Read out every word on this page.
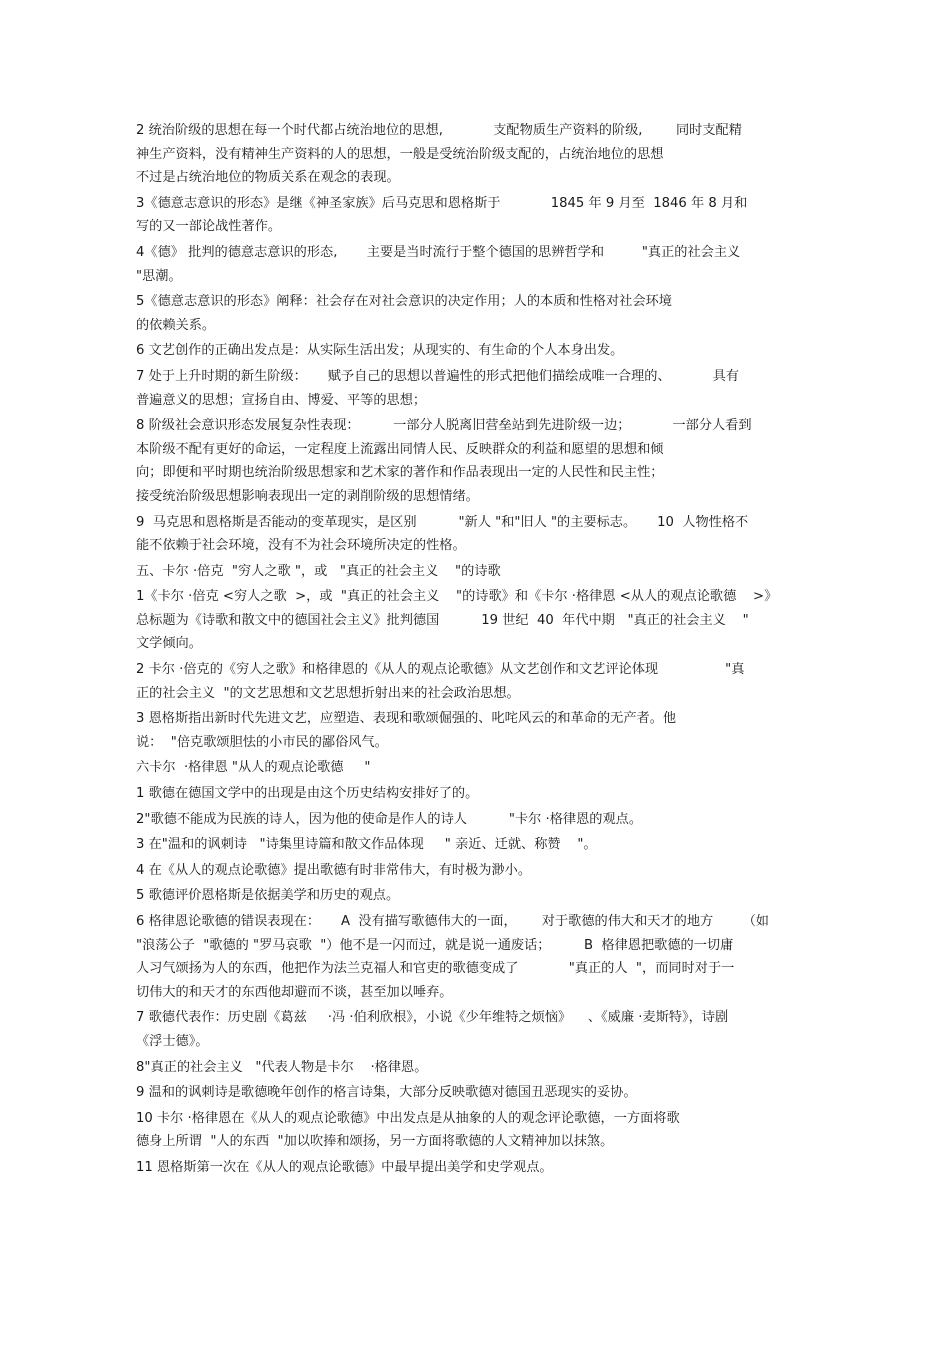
2 统治阶级的思想在每一个时代都占统治地位的思想,            支配物质生产资料的阶级,        同时支配精
神生产资料，没有精神生产资料的人的思想，一般是受统治阶级支配的，占统治地位的思想
不过是占统治地位的物质关系在观念的表现。
3《德意志意识的形态》是继《神圣家族》后马克思和恩格斯于            1845 年 9 月至  1846 年 8 月和
写的又一部论战性著作。
4《德》 批判的德意志意识的形态,       主要是当时流行于整个德国的思辨哲学和         "真正的社会主义
"思潮。
5《德意志意识的形态》阐释：社会存在对社会意识的决定作用；人的本质和性格对社会环境
的依赖关系。
6 文艺创作的正确出发点是：从实际生活出发；从现实的、有生命的个人本身出发。
7 处于上升时期的新生阶级：     赋予自己的思想以普遍性的形式把他们描绘成唯一合理的、          具有
普遍意义的思想；宣扬自由、博爱、平等的思想；
8 阶级社会意识形态发展复杂性表现：        一部分人脱离旧营垒站到先进阶级一边；          一部分人看到
本阶级不配有更好的命运，一定程度上流露出同情人民、反映群众的利益和愿望的思想和倾
向；即便和平时期也统治阶级思想家和艺术家的著作和作品表现出一定的人民性和民主性；
接受统治阶级思想影响表现出一定的剥削阶级的思想情绪。
9  马克思和恩格斯是否能动的变革现实，是区别          "新人 "和"旧人 "的主要标志。     10  人物性格不
能不依赖于社会环境，没有不为社会环境所决定的性格。
五、卡尔 ·倍克  "穷人之歌 "，或   "真正的社会主义    "的诗歌
1《卡尔 ·倍克 <穷人之歌  >，或  "真正的社会主义    "的诗歌》和《卡尔 ·格律恩 <从人的观点论歌德    >》
总标题为《诗歌和散文中的德国社会主义》批判德国          19 世纪  40  年代中期   "真正的社会主义    "
文学倾向。
2 卡尔 ·倍克的《穷人之歌》和格律恩的《从人的观点论歌德》从文艺创作和文艺评论体现                "真
正的社会主义  "的文艺思想和文艺思想折射出来的社会政治思想。
3 恩格斯指出新时代先进文艺，应塑造、表现和歌颂倔强的、叱咤风云的和革命的无产者。他
说：  "倍克歌颂胆怯的小市民的鄙俗风气。
六卡尔  ·格律恩 "从人的观点论歌德     "
1 歌德在德国文学中的出现是由这个历史结构安排好了的。
2"歌德不能成为民族的诗人，因为他的使命是作人的诗人          "卡尔 ·格律恩的观点。
3 在"温和的讽刺诗   "诗集里诗篇和散文作品体现     " 亲近、迁就、称赞    "。
4 在《从人的观点论歌德》提出歌德有时非常伟大，有时极为渺小。
5 歌德评价恩格斯是依据美学和历史的观点。
6 格律恩论歌德的错误表现在：     A  没有描写歌德伟大的一面，      对于歌德的伟大和天才的地方       （如
"浪荡公子  "歌德的 "罗马哀歌  "）他不是一闪而过，就是说一通废话；        B  格律恩把歌德的一切庸
人习气颂扬为人的东西，他把作为法兰克福人和官吏的歌德变成了            "真正的人  "，而同时对于一
切伟大的和天才的东西他却避而不谈，甚至加以唾弃。
7 歌德代表作：历史剧《葛兹     ·冯 ·伯利欣根》，小说《少年维特之烦恼》    、《威廉 ·麦斯特》，诗剧
《浮士德》。
8"真正的社会主义   "代表人物是卡尔    ·格律恩。
9 温和的讽刺诗是歌德晚年创作的格言诗集，大部分反映歌德对德国丑恶现实的妥协。
10 卡尔 ·格律恩在《从人的观点论歌德》中出发点是从抽象的人的观念评论歌德，一方面将歌
德身上所谓  "人的东西  "加以吹捧和颂扬，另一方面将歌德的人文精神加以抹煞。
11 恩格斯第一次在《从人的观点论歌德》中最早提出美学和史学观点。
